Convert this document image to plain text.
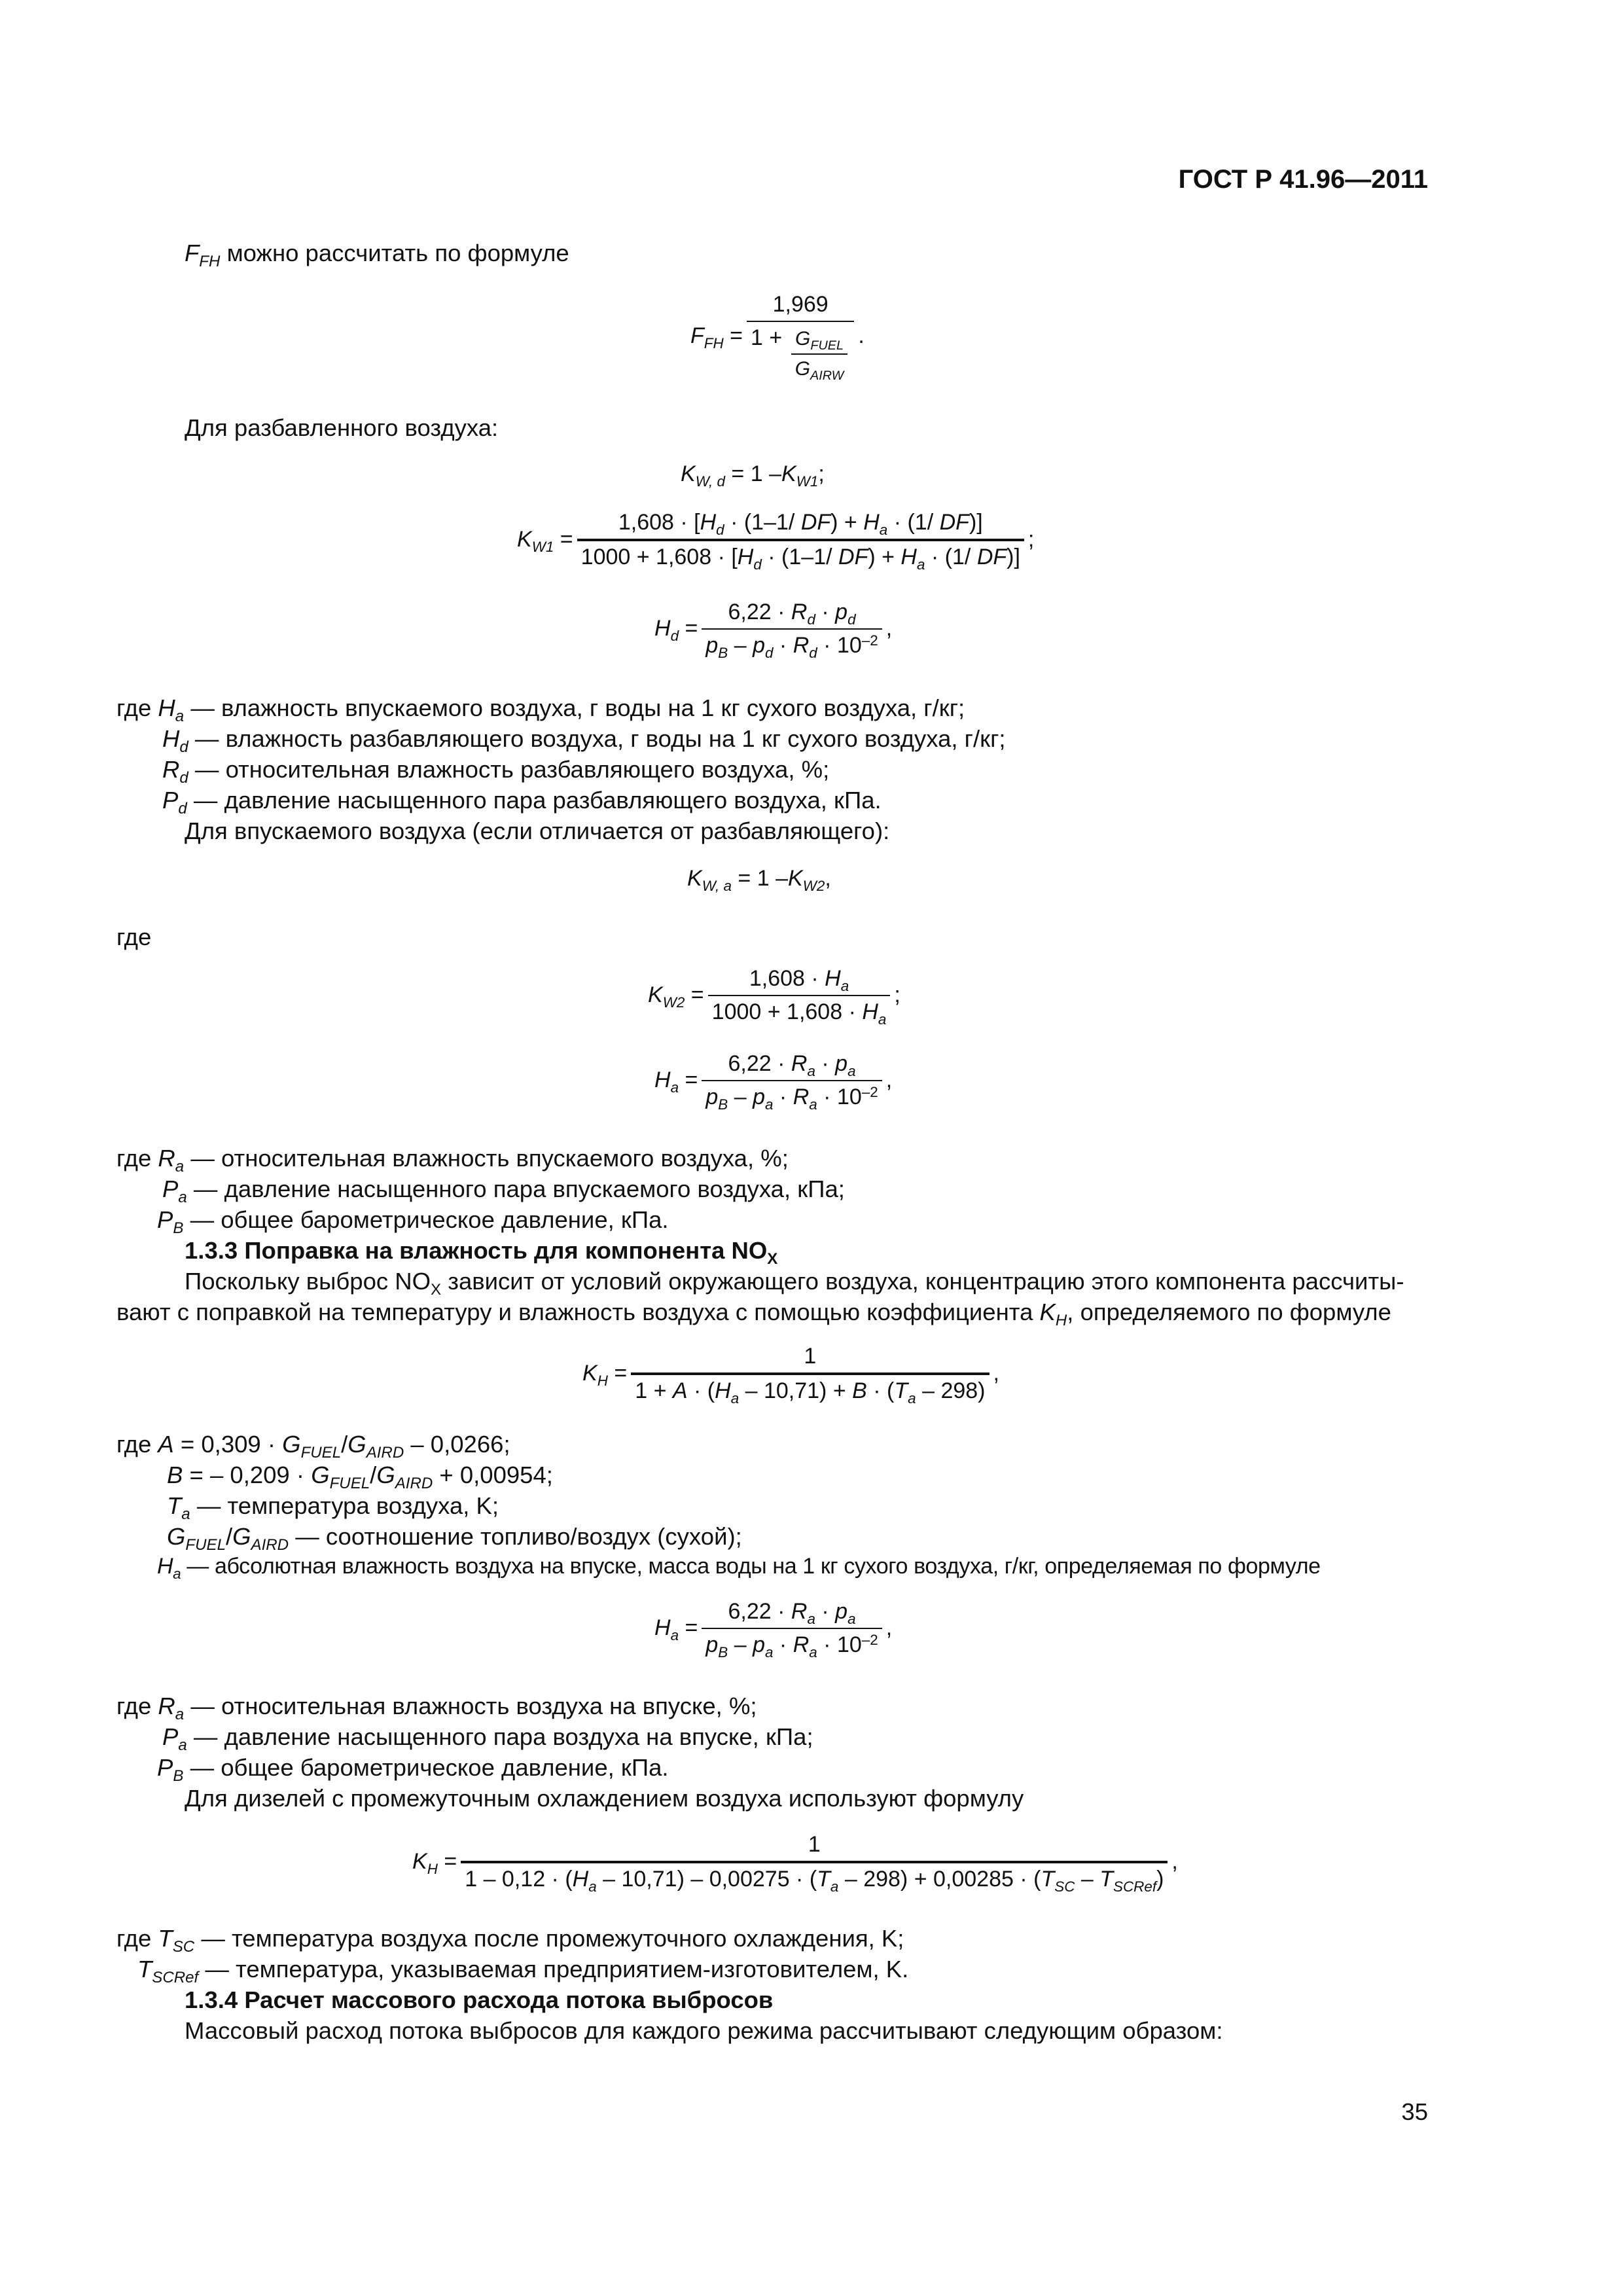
ГОСТ Р 41.96—2011
$F_{FH}$ можно рассчитать по формуле
$F_{FH} = \frac{1,969}{1 + \frac{G_{FUEL}}{G_{AIRW}}}$ .
Для разбавленного воздуха:
$K_{W, d} = 1 - K_{W1}$ ;
$K_{W1} = \frac{1,608 \cdot [H_d \cdot (1-1/ DF) + H_a \cdot (1/ DF)]}{1000 + 1,608 \cdot [H_d \cdot (1-1/ DF) + H_a \cdot (1/ DF)]}$ ;
$H_d = \frac{6,22 \cdot R_d \cdot p_d}{p_B - p_d \cdot R_d \cdot 10^{-2}}$ ,
где $H_a$ — влажность впускаемого воздуха, г воды на 1 кг сухого воздуха, г/кг;
$H_d$ — влажность разбавляющего воздуха, г воды на 1 кг сухого воздуха, г/кг;
$R_d$ — относительная влажность разбавляющего воздуха, %;
$P_d$ — давление насыщенного пара разбавляющего воздуха, кПа.
Для впускаемого воздуха (если отличается от разбавляющего):
$K_{W, a} = 1 - K_{W2}$ ,
где
$K_{W2} = \frac{1,608 \cdot H_a}{1000 + 1,608 \cdot H_a}$ ;
$H_a = \frac{6,22 \cdot R_a \cdot p_a}{p_B - p_a \cdot R_a \cdot 10^{-2}}$ ,
где $R_a$ — относительная влажность впускаемого воздуха, %;
$P_a$ — давление насыщенного пара впускаемого воздуха, кПа;
$P_B$ — общее барометрическое давление, кПа.
1.3.3 Поправка на влажность для компонента $NO_X$
Поскольку выброс $NO_X$ зависит от условий окружающего воздуха, концентрацию этого компонента рассчиты-
вают с поправкой на температуру и влажность воздуха с помощью коэффициента $K_H$, определяемого по формуле
$K_H = \frac{1}{1 + A \cdot (H_a - 10,71) + B \cdot (T_a - 298)}$ ,
где $A = 0,309 \cdot G_{FUEL}/G_{AIRD} - 0,0266$;
B = – $0,209 \cdot G_{FUEL}/G_{AIRD} + 0,00954$;
$T_a$ — температура воздуха, K;
$G_{FUEL}/G_{AIRD}$ — соотношение топливо/воздух (сухой);
$H_a$ — абсолютная влажность воздуха на впуске, масса воды на 1 кг сухого воздуха, г/кг, определяемая по формуле
$H_a = \frac{6,22 \cdot R_a \cdot p_a}{p_B - p_a \cdot R_a \cdot 10^{-2}}$ ,
где $R_a$ — относительная влажность воздуха на впуске, %;
$P_a$ — давление насыщенного пара воздуха на впуске, кПа;
$P_B$ — общее барометрическое давление, кПа.
Для дизелей с промежуточным охлаждением воздуха используют формулу
$K_H$ =
1
$1 - 0,12 \cdot (H_a - 10,71) - 0,00275 \cdot (T_a - 298) + 0,00285 \cdot (T_{SC} - T_{SCRef})$
,
где $T_{SC}$ — температура воздуха после промежуточного охлаждения, K;
$T_{SCRef}$ — температура, указываемая предприятием-изготовителем, K.
1.3.4 Расчет массового расхода потока выбросов
Массовый расход потока выбросов для каждого режима рассчитывают следующим образом:
35
